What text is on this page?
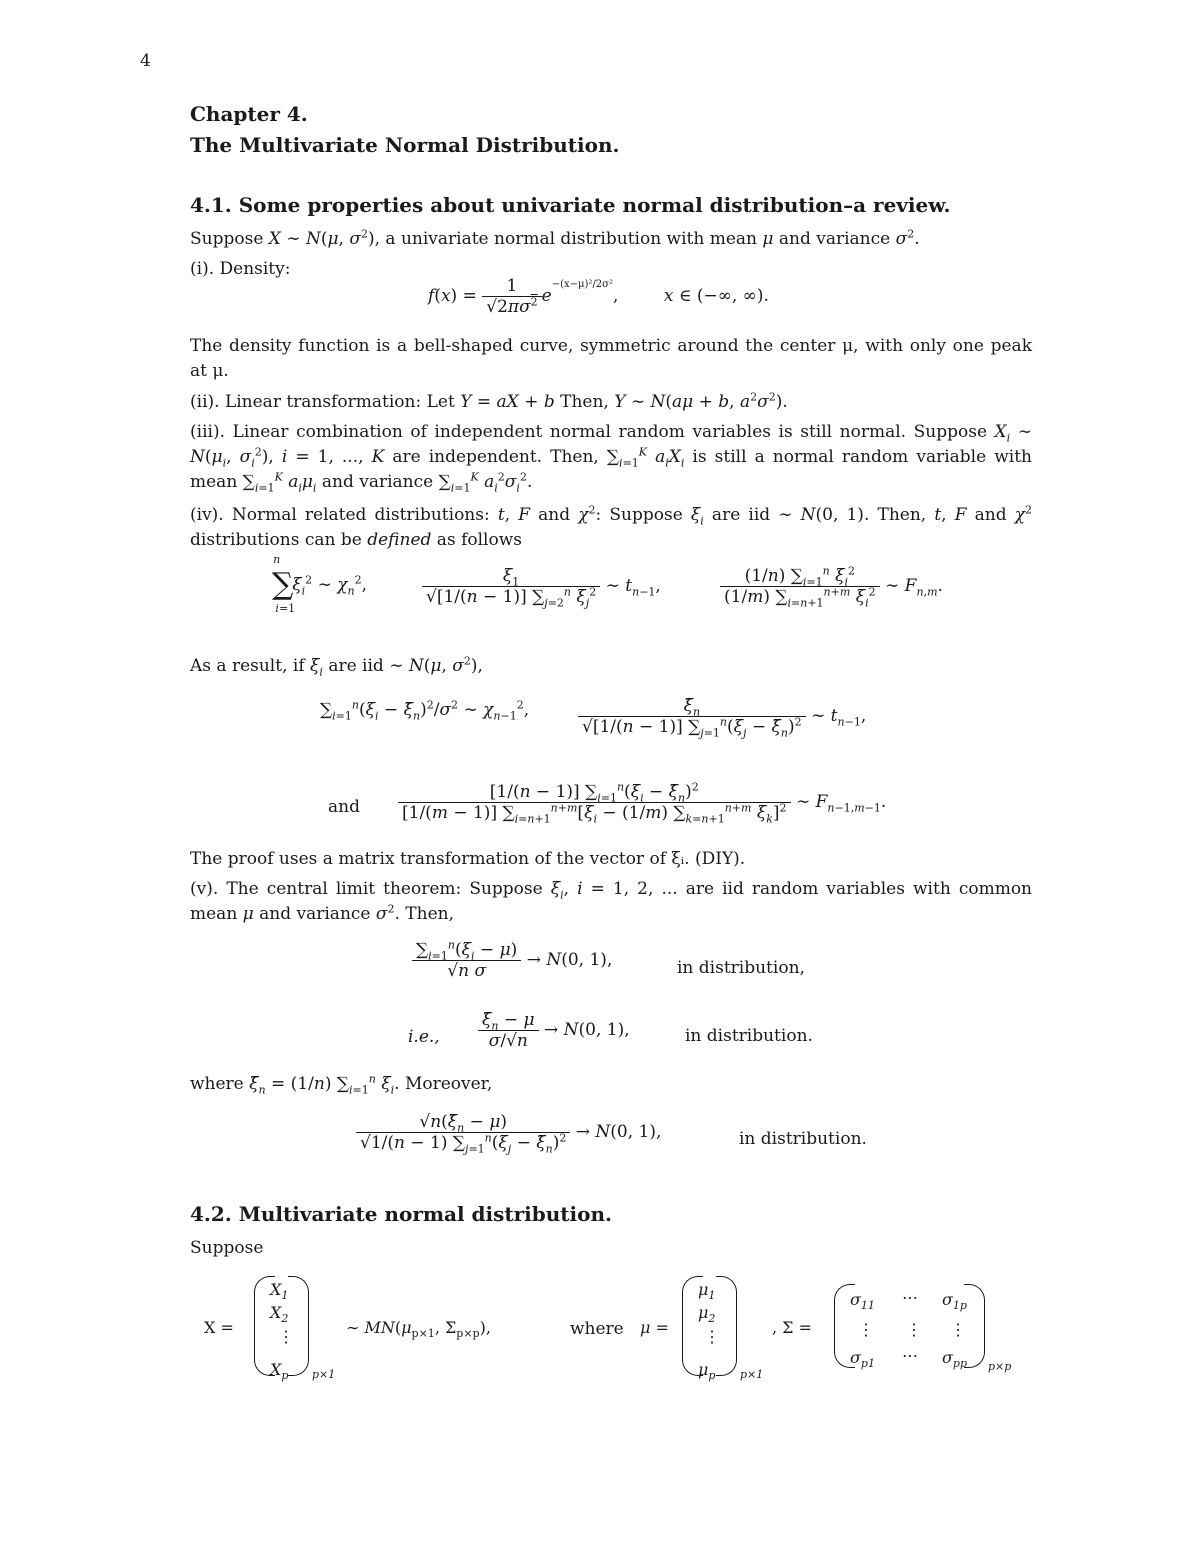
4
Chapter 4.
The Multivariate Normal Distribution.
4.1. Some properties about univariate normal distribution–a review.
Suppose X ∼ N(μ, $\sigma^2$), a univariate normal distribution with mean μ and variance $\sigma^2$.
(i). Density:
$f(x) = \frac{1}{√2\pi\sigma^2} e^{-(x-\mu)^2/2\sigma^2}$, x ∈ (−∞, ∞).
The density function is a bell-shaped curve, symmetric around the center μ, with only one peak at μ.
(ii). Linear transformation: Let Y = aX + b Then, Y ∼ N(aμ + b, $a^2\sigma^2$).
(iii). Linear combination of independent normal random variables is still normal. Suppose $X_i$ ∼ $N(\mu_i$, $\sigma_i^2$), i = 1, ..., K are independent. Then, $\sum_{i=1}^K$ $a_iX_i$ is still a normal random variable with mean $\sum_{i=1}^K$ $a_i\mu_i$ and variance $\sum_{i=1}^K$ $a_i^2\sigma_i^2$.
(iv). Normal related distributions: t, F and $\chi^2$: Suppose $\xi_i$ are iid ∼ N(0, 1). Then, t, F and $\chi^2$ distributions can be defined as follows
$\sum_{i=1}^n\xi_i^2$ ∼ $\chi_n^2$,	$\frac{\xi_1}{√[1/(n - 1)] \sum_{j=2}^n \xi_j^2}$ ∼ $t_{n-1}$,	$\frac{(1/n) \sum_{i=1}^n \xi_i^2}{(1/m) \sum_{i=n+1}^{n+m} \xi_i^2}$ ∼ $F_{n,m}$.
As a result, if $\xi_i$ are iid ∼ N(μ, $\sigma^2$),
$\sum_{i=1}^n(\xi_i$ − $\xī_n)^2/\sigma^2$ ∼ $\chi_{n-1}^2$,	$\frac{\xī_n}{√[1/(n - 1)] \sum_{j=1}^n(\xi_j - \xī_n)^2}$ ∼ $t_{n-1}$,
and $\frac{[1/(n - 1)] \sum_{i=1}^n(\xi_i - \xī_n)^2}{[1/(m - 1)] \sum_{i=n+1}^{n+m}[\xi_i - (1/m) \sum_{k=n+1}^{n+m} \xi_k]^2}$ ∼ $F_{n-1,m-1}$.
The proof uses a matrix transformation of the vector of ξᵢ. (DIY).
(v). The central limit theorem: Suppose $\xi_i$, i = 1, 2, ... are iid random variables with common mean μ and variance $\sigma^2$. Then,
$\frac{\sum_{i=1}^n(\xi_i - \mu)}{\text{√n σ}} \to N(0$, 1),	in distribution,
i.e., $\frac{\xī_n - \mu}{\sigma/√n} \to N(0$, 1),	in distribution.
where $\xī_n = (1/n)$ $\sum_{i=1}^n$ $\xi_i$. Moreover,
$\frac{√n(\xī_n - \mu)}{√1/(n - 1) \sum_{j=1}^n(\xi_j - \xī_n)^2} \to N(0$, 1),	in distribution.
4.2. Multivariate normal distribution.
Suppose
X =
$X_1$
$X_2$
⋮
$X_p$ p×1
∼ $MN(\mu_{p\times 1}$, $\Sigma_{p\times p}$),	where μ =
$\mu_1$
$\mu_2$
⋮
$\mu_p$ p×1
, Σ =
$\sigma_{11}$ ⋯ $\sigma_{1p}$
⋮ ⋮ ⋮
$\sigma_{p1}$ ⋯ $\sigma_{pp}$ p×p
